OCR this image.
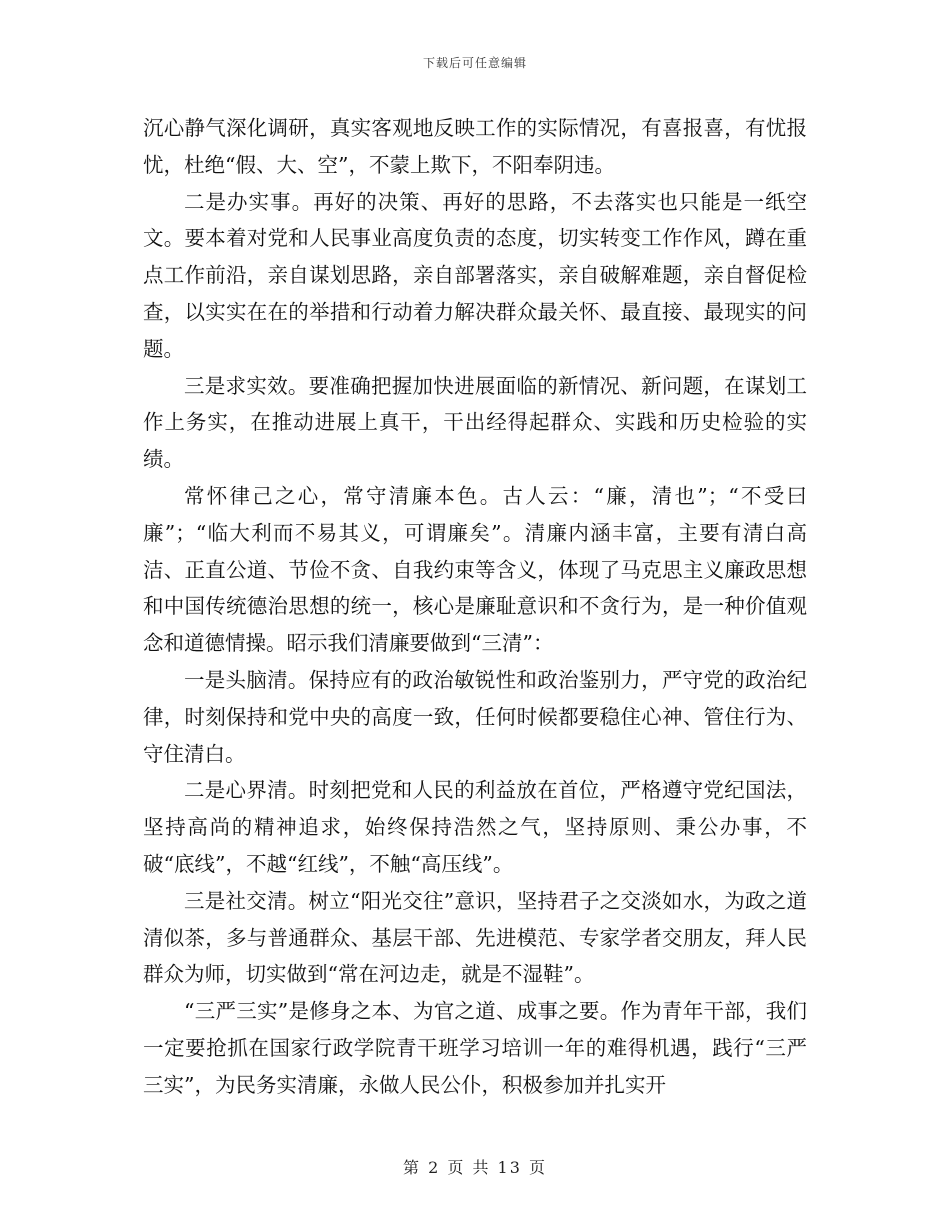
下载后可任意编辑

沉心静气深化调研，真实客观地反映工作的实际情况，有喜报喜，有忧报忧，杜绝“假、大、空”，不蒙上欺下，不阳奉阴违。

二是办实事。再好的决策、再好的思路，不去落实也只能是一纸空文。要本着对党和人民事业高度负责的态度，切实转变工作作风，蹲在重点工作前沿，亲自谋划思路，亲自部署落实，亲自破解难题，亲自督促检查，以实实在在的举措和行动着力解决群众最关怀、最直接、最现实的问题。

三是求实效。要准确把握加快进展面临的新情况、新问题，在谋划工作上务实，在推动进展上真干，干出经得起群众、实践和历史检验的实绩。

常怀律己之心，常守清廉本色。古人云：“廉，清也”；“不受曰廉”；“临大利而不易其义，可谓廉矣”。清廉内涵丰富，主要有清白高洁、正直公道、节俭不贪、自我约束等含义，体现了马克思主义廉政思想和中国传统德治思想的统一，核心是廉耻意识和不贪行为，是一种价值观念和道德情操。昭示我们清廉要做到“三清”：

一是头脑清。保持应有的政治敏锐性和政治鉴别力，严守党的政治纪律，时刻保持和党中央的高度一致，任何时候都要稳住心神、管住行为、守住清白。

二是心界清。时刻把党和人民的利益放在首位，严格遵守党纪国法，坚持高尚的精神追求，始终保持浩然之气，坚持原则、秉公办事，不破“底线”，不越“红线”，不触“高压线”。

三是社交清。树立“阳光交往”意识，坚持君子之交淡如水，为政之道清似茶，多与普通群众、基层干部、先进模范、专家学者交朋友，拜人民群众为师，切实做到“常在河边走，就是不湿鞋”。

“三严三实”是修身之本、为官之道、成事之要。作为青年干部，我们一定要抢抓在国家行政学院青干班学习培训一年的难得机遇，践行“三严三实”，为民务实清廉，永做人民公仆，积极参加并扎实开

第 2 页 共 13 页
